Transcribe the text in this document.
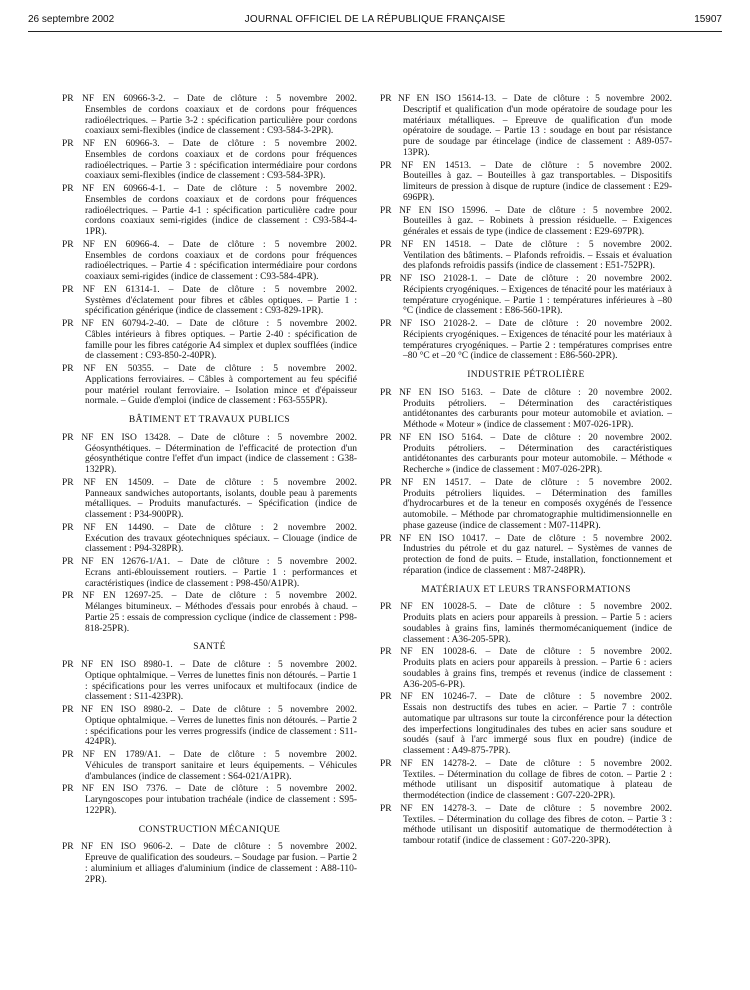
26 septembre 2002	JOURNAL OFFICIEL DE LA RÉPUBLIQUE FRANÇAISE	15907
PR NF EN 60966-3-2. – Date de clôture : 5 novembre 2002.
Ensembles de cordons coaxiaux et de cordons pour fréquences radioélectriques. – Partie 3-2 : spécification particulière pour cordons coaxiaux semi-flexibles (indice de classement : C93-584-3-2PR).
PR NF EN 60966-3. – Date de clôture : 5 novembre 2002.
Ensembles de cordons coaxiaux et de cordons pour fréquences radioélectriques. – Partie 3 : spécification intermédiaire pour cordons coaxiaux semi-flexibles (indice de classement : C93-584-3PR).
PR NF EN 60966-4-1. – Date de clôture : 5 novembre 2002.
Ensembles de cordons coaxiaux et de cordons pour fréquences radioélectriques. – Partie 4-1 : spécification particulière cadre pour cordons coaxiaux semi-rigides (indice de classement : C93-584-4-1PR).
PR NF EN 60966-4. – Date de clôture : 5 novembre 2002.
Ensembles de cordons coaxiaux et de cordons pour fréquences radioélectriques. – Partie 4 : spécification intermédiaire pour cordons coaxiaux semi-rigides (indice de classement : C93-584-4PR).
PR NF EN 61314-1. – Date de clôture : 5 novembre 2002.
Systèmes d'éclatement pour fibres et câbles optiques. – Partie 1 : spécification générique (indice de classement : C93-829-1PR).
PR NF EN 60794-2-40. – Date de clôture : 5 novembre 2002.
Câbles intérieurs à fibres optiques. – Partie 2-40 : spécification de famille pour les fibres catégorie A4 simplex et duplex soufflées (indice de classement : C93-850-2-40PR).
PR NF EN 50355. – Date de clôture : 5 novembre 2002.
Applications ferroviaires. – Câbles à comportement au feu spécifié pour matériel roulant ferroviaire. – Isolation mince et d'épaisseur normale. – Guide d'emploi (indice de classement : F63-555PR).
BÂTIMENT ET TRAVAUX PUBLICS
PR NF EN ISO 13428. – Date de clôture : 5 novembre 2002.
Géosynthétiques. – Détermination de l'efficacité de protection d'un géosynthétique contre l'effet d'un impact (indice de classement : G38-132PR).
PR NF EN 14509. – Date de clôture : 5 novembre 2002.
Panneaux sandwiches autoportants, isolants, double peau à parements métalliques. – Produits manufacturés. – Spécification (indice de classement : P34-900PR).
PR NF EN 14490. – Date de clôture : 2 novembre 2002.
Exécution des travaux géotechniques spéciaux. – Clouage (indice de classement : P94-328PR).
PR NF EN 12676-1/A1. – Date de clôture : 5 novembre 2002.
Ecrans anti-éblouissement routiers. – Partie 1 : performances et caractéristiques (indice de classement : P98-450/A1PR).
PR NF EN 12697-25. – Date de clôture : 5 novembre 2002.
Mélanges bitumineux. – Méthodes d'essais pour enrobés à chaud. – Partie 25 : essais de compression cyclique (indice de classement : P98-818-25PR).
SANTÉ
PR NF EN ISO 8980-1. – Date de clôture : 5 novembre 2002.
Optique ophtalmique. – Verres de lunettes finis non détourés. – Partie 1 : spécifications pour les verres unifocaux et multifocaux (indice de classement : S11-423PR).
PR NF EN ISO 8980-2. – Date de clôture : 5 novembre 2002.
Optique ophtalmique. – Verres de lunettes finis non détourés. – Partie 2 : spécifications pour les verres progressifs (indice de classement : S11-424PR).
PR NF EN 1789/A1. – Date de clôture : 5 novembre 2002.
Véhicules de transport sanitaire et leurs équipements. – Véhicules d'ambulances (indice de classement : S64-021/A1PR).
PR NF EN ISO 7376. – Date de clôture : 5 novembre 2002.
Laryngoscopes pour intubation trachéale (indice de classement : S95-122PR).
CONSTRUCTION MÉCANIQUE
PR NF EN ISO 9606-2. – Date de clôture : 5 novembre 2002.
Epreuve de qualification des soudeurs. – Soudage par fusion. – Partie 2 : aluminium et alliages d'aluminium (indice de classement : A88-110-2PR).
PR NF EN ISO 15614-13. – Date de clôture : 5 novembre 2002.
Descriptif et qualification d'un mode opératoire de soudage pour les matériaux métalliques. – Epreuve de qualification d'un mode opératoire de soudage. – Partie 13 : soudage en bout par résistance pure de soudage par étincelage (indice de classement : A89-057-13PR).
PR NF EN 14513. – Date de clôture : 5 novembre 2002.
Bouteilles à gaz. – Bouteilles à gaz transportables. – Dispositifs limiteurs de pression à disque de rupture (indice de classement : E29-696PR).
PR NF EN ISO 15996. – Date de clôture : 5 novembre 2002.
Bouteilles à gaz. – Robinets à pression résiduelle. – Exigences générales et essais de type (indice de classement : E29-697PR).
PR NF EN 14518. – Date de clôture : 5 novembre 2002.
Ventilation des bâtiments. – Plafonds refroidis. – Essais et évaluation des plafonds refroidis passifs (indice de classement : E51-752PR).
PR NF ISO 21028-1. – Date de clôture : 20 novembre 2002.
Récipients cryogéniques. – Exigences de ténacité pour les matériaux à température cryogénique. – Partie 1 : températures inférieures à –80 °C (indice de classement : E86-560-1PR).
PR NF ISO 21028-2. – Date de clôture : 20 novembre 2002.
Récipients cryogéniques. – Exigences de ténacité pour les matériaux à températures cryogéniques. – Partie 2 : températures comprises entre –80 °C et –20 °C (indice de classement : E86-560-2PR).
INDUSTRIE PÉTROLIÈRE
PR NF EN ISO 5163. – Date de clôture : 20 novembre 2002.
Produits pétroliers. – Détermination des caractéristiques antidétonantes des carburants pour moteur automobile et aviation. – Méthode « Moteur » (indice de classement : M07-026-1PR).
PR NF EN ISO 5164. – Date de clôture : 20 novembre 2002.
Produits pétroliers. – Détermination des caractéristiques antidétonantes des carburants pour moteur automobile. – Méthode « Recherche » (indice de classement : M07-026-2PR).
PR NF EN 14517. – Date de clôture : 5 novembre 2002.
Produits pétroliers liquides. – Détermination des familles d'hydrocarbures et de la teneur en composés oxygénés de l'essence automobile. – Méthode par chromatographie multidimensionnelle en phase gazeuse (indice de classement : M07-114PR).
PR NF EN ISO 10417. – Date de clôture : 5 novembre 2002.
Industries du pétrole et du gaz naturel. – Systèmes de vannes de protection de fond de puits. – Etude, installation, fonctionnement et réparation (indice de classement : M87-248PR).
MATÉRIAUX ET LEURS TRANSFORMATIONS
PR NF EN 10028-5. – Date de clôture : 5 novembre 2002.
Produits plats en aciers pour appareils à pression. – Partie 5 : aciers soudables à grains fins, laminés thermomécaniquement (indice de classement : A36-205-5PR).
PR NF EN 10028-6. – Date de clôture : 5 novembre 2002.
Produits plats en aciers pour appareils à pression. – Partie 6 : aciers soudables à grains fins, trempés et revenus (indice de classement : A36-205-6-PR).
PR NF EN 10246-7. – Date de clôture : 5 novembre 2002.
Essais non destructifs des tubes en acier. – Partie 7 : contrôle automatique par ultrasons sur toute la circonférence pour la détection des imperfections longitudinales des tubes en acier sans soudure et soudés (sauf à l'arc immergé sous flux en poudre) (indice de classement : A49-875-7PR).
PR NF EN 14278-2. – Date de clôture : 5 novembre 2002.
Textiles. – Détermination du collage de fibres de coton. – Partie 2 : méthode utilisant un dispositif automatique à plateau de thermodétection (indice de classement : G07-220-2PR).
PR NF EN 14278-3. – Date de clôture : 5 novembre 2002.
Textiles. – Détermination du collage des fibres de coton. – Partie 3 : méthode utilisant un dispositif automatique de thermodétection à tambour rotatif (indice de classement : G07-220-3PR).
